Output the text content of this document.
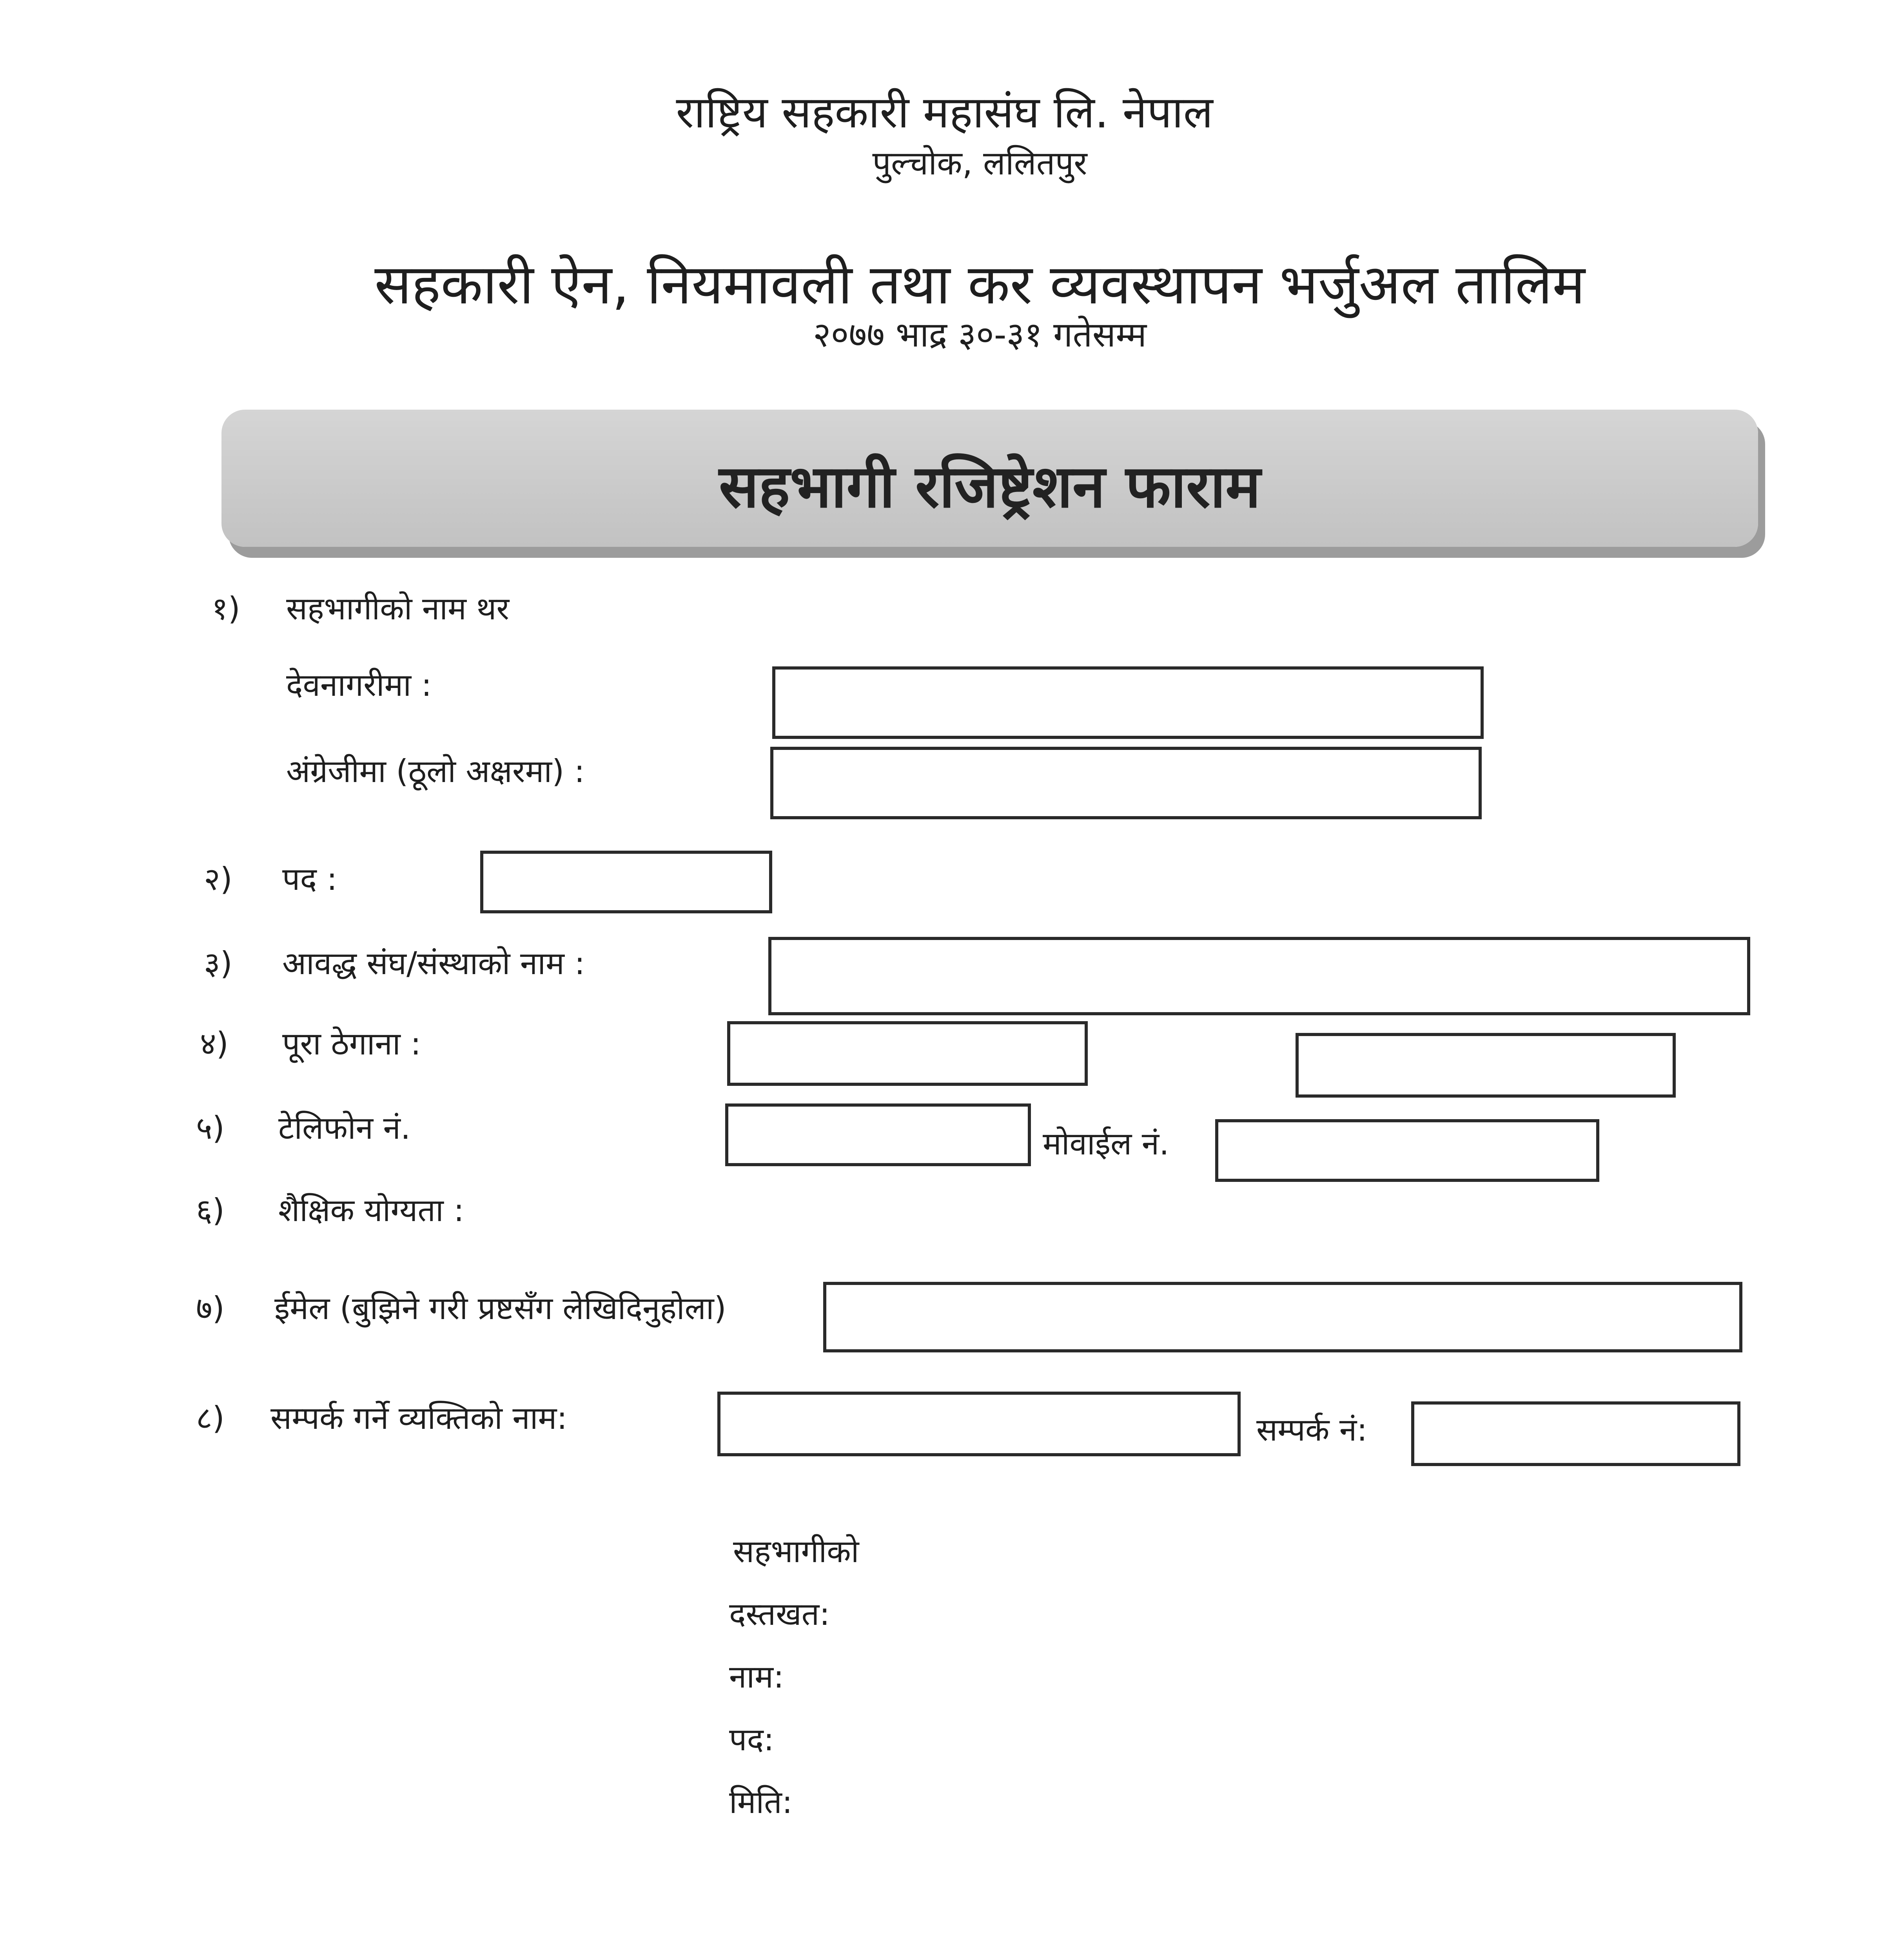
राष्ट्रिय सहकारी महासंघ लि. नेपाल
पुल्चोक, ललितपुर
सहकारी ऐन, नियमावली तथा कर व्यवस्थापन भर्जुअल तालिम
२०७७ भाद्र ३०-३१ गतेसम्म
सहभागी रजिष्ट्रेशन फाराम
१) सहभागीको नाम थर
देवनागरीमा :
अंग्रेजीमा (ठूलो अक्षरमा) :
२) पद :
३) आवद्ध संघ/संस्थाको नाम :
४) पूरा ठेगाना :
५) टेलिफोन नं.	मोवाईल नं.
६) शैक्षिक योग्यता :
७) ईमेल (बुझिने गरी प्रष्टसँग लेखिदिनुहोला)
८) सम्पर्क गर्ने व्यक्तिको नाम:	सम्पर्क नं:
सहभागीको
दस्तखत:
नाम:
पद:
मिति:
